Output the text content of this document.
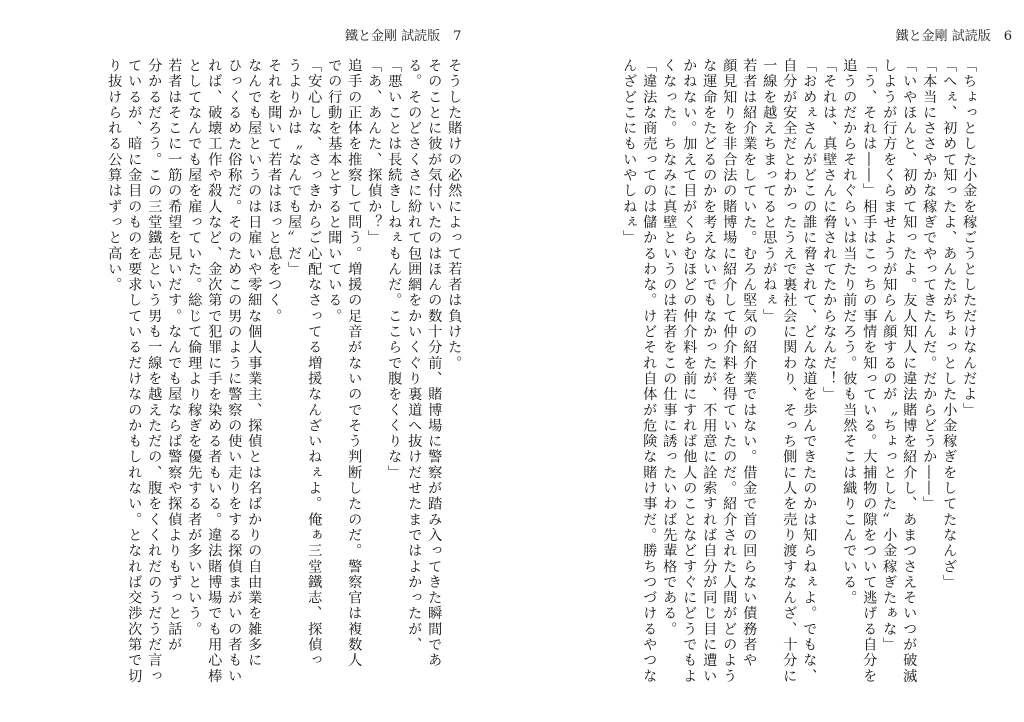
鐵と金剛 試読版　7	鐵と金剛 試読版　6

「ちょっとした小金を稼ごうとしただけなんだよ」

「へぇ、初めて知ったよ、あんたがちょっとした小金稼ぎをしてたなんざ」

「本当にささやかな稼ぎでやってきたんだ。だからどうか――」

「いやほんと、初めて知ったよ。友人知人に違法賭博を紹介し、あまつさえそいつが破滅

しようが行方をくらませようが知らん顔するのが〝ちょっとした〟小金稼ぎたぁな」

「う、それは――」相手はこっちの事情を知っている。大捕物の隙をついて逃げる自分を

追うのだからそれぐらいは当たり前だろう。彼も当然そこは織りこんでいる。

「それは、真壁さんに脅されてたからなんだ！」

「おめぇさんがどこの誰に脅されて、どんな道を歩んできたのかは知らねぇよ。でもな、

自分が安全だとわかったうえで裏社会に関わり、そっち側に人を売り渡すなんざ、十分に

一線を越えちまってると思うがねぇ」

若者は紹介業をしていた。むろん堅気の紹介業ではない。借金で首の回らない債務者や

顔見知りを非合法の賭博場に紹介して仲介料を得ていたのだ。紹介された人間がどのよう

な運命をたどるのかを考えないでもなかったが、不用意に詮索すれば自分が同じ目に遭い

かねない。加えて目がくらむほどの仲介料を前にすれば他人のことなどすぐにどうでもよ

くなった。ちなみに真壁というのは若者をこの仕事に誘ったいわば先輩格である。

「違法な商売ってのは儲かるわな。けどそれ自体が危険な賭け事だ。勝ちつづけるやつな

んざどこにもいやしねぇ」

そうした賭けの必然によって若者は負けた。

そのことに彼が気付いたのはほんの数十分前、賭博場に警察が踏み入ってきた瞬間であ

る。そのどさくさに紛れて包囲網をかいくぐり裏道へ抜けだせたまではよかったが、

「悪いことは長続きしねぇもんだ。ここらで腹をくくりな」

「あ、あんた、探偵か？」

追手の正体を推察して問う。増援の足音がないのでそう判断したのだ。警察官は複数人

での行動を基本とすると聞いている。

「安心しな、さっきからご心配なさってる増援なんざいねぇよ。俺ぁ三堂鐵志、探偵っ

うよりかは〝なんでも屋〟だ」

それを聞いて若者はほっと息をつく。

なんでも屋というのは日雇いや零細な個人事業主、探偵とは名ばかりの自由業を雑多に

ひっくるめた俗称だ。そのためこの男のように警察の使い走りをする探偵まがいの者もい

れば、破壊工作や殺人など、金次第で犯罪に手を染める者もいる。違法賭博場でも用心棒

としてなんでも屋を雇っていた。総じて倫理より稼ぎを優先する者が多いという。

若者はそこに一筋の希望を見いだす。なんでも屋ならば警察や探偵よりもずっと話が

分かるだろう。この三堂鐵志という男も一線を越えただの、腹をくくれだのうだうだ言っ

ているが、暗に金目のものを要求しているだけなのかもしれない。となれば交渉次第で切

り抜けられる公算はずっと高い。
